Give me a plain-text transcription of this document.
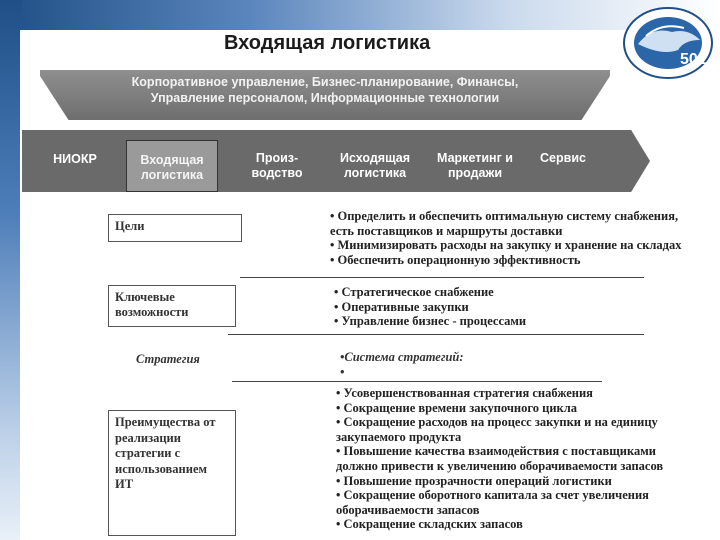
Входящая логистика
501
Корпоративное управление, Бизнес-планирование, Финансы,
Управление персоналом, Информационные технологии
НИОКР	Входящая логистика
Произ-водство
Исходящая логистика
Маркетинг и продажи
Сервис
Цели
• Определить и обеспечить оптимальную систему снабжения,
есть поставщиков и маршруты доставки
• Минимизировать расходы на закупку и хранение на складах
• Обеспечить операционную эффективность
Ключевые возможности
• Стратегическое снабжение
• Оперативные закупки
• Управление бизнес - процессами
Стратегия	•Система стратегий:
•
Преимущества от
реализации
стратегии с
использованием
ИТ
• Усовершенствованная стратегия снабжения
• Сокращение времени закупочного цикла
• Сокращение расходов на процесс закупки и на единицу
закупаемого продукта
• Повышение качества взаимодействия с поставщиками
должно привести к увеличению оборачиваемости запасов
• Повышение прозрачности операций логистики
• Сокращение оборотного капитала за счет увеличения
оборачиваемости запасов
• Сокращение складских запасов
